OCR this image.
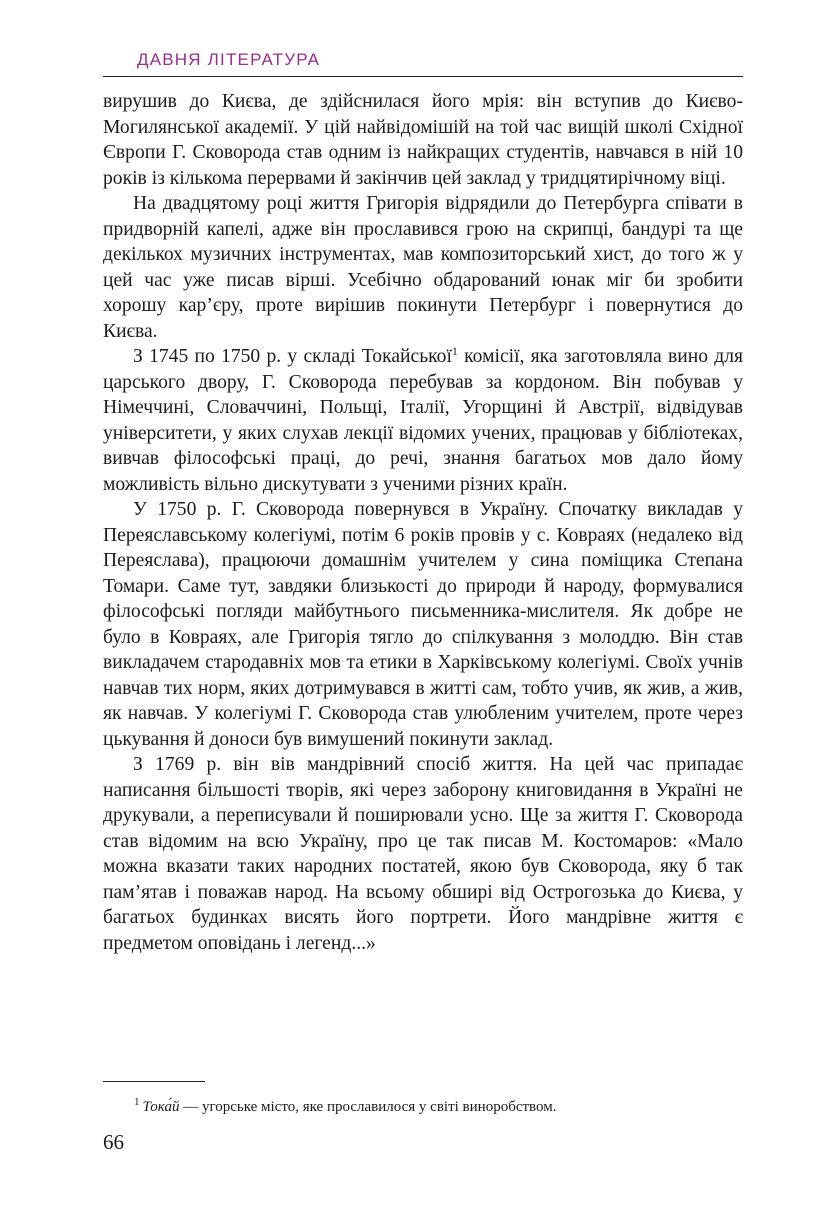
ДАВНЯ ЛІТЕРАТУРА

вирушив до Києва, де здійснилася його мрія: він вступив до Києво-Могилянської академії. У цій найвідомішій на той час вищій школі Східної Європи Г. Сковорода став одним із найкращих студентів, навчався в ній 10 років із кількома перервами й закінчив цей заклад у тридцятирічному віці.

На двадцятому році життя Григорія відрядили до Петербурга співати в придворній капелі, адже він прославився грою на скрипці, бандурі та ще декількох музичних інструментах, мав композиторський хист, до того ж у цей час уже писав вірші. Усебічно обдарований юнак міг би зробити хорошу кар’єру, проте вирішив покинути Петербург і повернутися до Києва.

З 1745 по 1750 р. у складі Токайської$^1$ комісії, яка заготовляла вино для царського двору, Г. Сковорода перебував за кордоном. Він побував у Німеччині, Словаччині, Польщі, Італії, Угорщині й Австрії, відвідував університети, у яких слухав лекції відомих учених, працював у бібліотеках, вивчав філософські праці, до речі, знання багатьох мов дало йому можливість вільно дискутувати з ученими різних країн.

У 1750 р. Г. Сковорода повернувся в Україну. Спочатку викладав у Переяславському колегіумі, потім 6 років провів у с. Ковраях (недалеко від Переяслава), працюючи домашнім учителем у сина поміщика Степана Томари. Саме тут, завдяки близькості до природи й народу, формувалися філософські погляди майбутнього письменника-мислителя. Як добре не було в Ковраях, але Григорія тягло до спілкування з молоддю. Він став викладачем стародавніх мов та етики в Харківському колегіумі. Своїх учнів навчав тих норм, яких дотримувався в житті сам, тобто учив, як жив, а жив, як навчав. У колегіумі Г. Сковорода став улюбленим учителем, проте через цькування й доноси був вимушений покинути заклад.

З 1769 р. він вів мандрівний спосіб життя. На цей час припадає написання більшості творів, які через заборону книговидання в Україні не друкували, а переписували й поширювали усно. Ще за життя Г. Сковорода став відомим на всю Україну, про це так писав М. Костомаров: «Мало можна вказати таких народних постатей, якою був Сковорода, яку б так пам’ятав і поважав народ. На всьому обширі від Острогозька до Києва, у багатьох будинках висять його портрети. Його мандрівне життя є предметом оповідань і легенд...»

$^1$ Тока́й — угорське місто, яке прославилося у світі виноробством.
66
